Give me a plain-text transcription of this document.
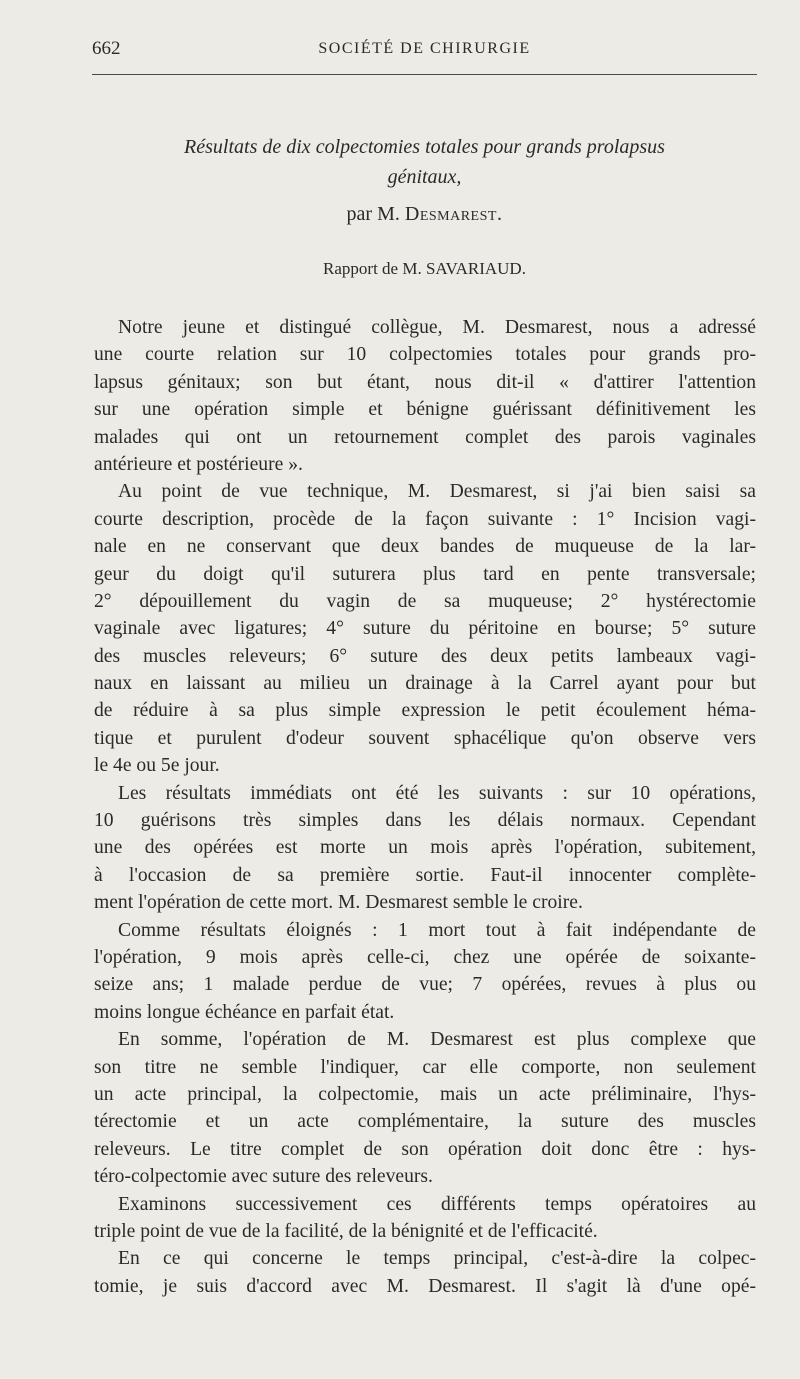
662	SOCIÉTÉ DE CHIRURGIE
Résultats de dix colpectomies totales pour grands prolapsus
génitaux,
par M. Desmarest.
Rapport de M. SAVARIAUD.
Notre jeune et distingué collègue, M. Desmarest, nous a adressé
une courte relation sur 10 colpectomies totales pour grands pro-
lapsus génitaux; son but étant, nous dit-il « d'attirer l'attention
sur une opération simple et bénigne guérissant définitivement les
malades qui ont un retournement complet des parois vaginales
antérieure et postérieure ».
Au point de vue technique, M. Desmarest, si j'ai bien saisi sa
courte description, procède de la façon suivante : 1° Incision vagi-
nale en ne conservant que deux bandes de muqueuse de la lar-
geur du doigt qu'il suturera plus tard en pente transversale;
2° dépouillement du vagin de sa muqueuse; 2° hystérectomie
vaginale avec ligatures; 4° suture du péritoine en bourse; 5° suture
des muscles releveurs; 6° suture des deux petits lambeaux vagi-
naux en laissant au milieu un drainage à la Carrel ayant pour but
de réduire à sa plus simple expression le petit écoulement héma-
tique et purulent d'odeur souvent sphacélique qu'on observe vers
le 4e ou 5e jour.
Les résultats immédiats ont été les suivants : sur 10 opérations,
10 guérisons très simples dans les délais normaux. Cependant
une des opérées est morte un mois après l'opération, subitement,
à l'occasion de sa première sortie. Faut-il innocenter complète-
ment l'opération de cette mort. M. Desmarest semble le croire.
Comme résultats éloignés : 1 mort tout à fait indépendante de
l'opération, 9 mois après celle-ci, chez une opérée de soixante-
seize ans; 1 malade perdue de vue; 7 opérées, revues à plus ou
moins longue échéance en parfait état.
En somme, l'opération de M. Desmarest est plus complexe que
son titre ne semble l'indiquer, car elle comporte, non seulement
un acte principal, la colpectomie, mais un acte préliminaire, l'hys-
térectomie et un acte complémentaire, la suture des muscles
releveurs. Le titre complet de son opération doit donc être : hys-
téro-colpectomie avec suture des releveurs.
Examinons successivement ces différents temps opératoires au
triple point de vue de la facilité, de la bénignité et de l'efficacité.
En ce qui concerne le temps principal, c'est-à-dire la colpec-
tomie, je suis d'accord avec M. Desmarest. Il s'agit là d'une opé-
